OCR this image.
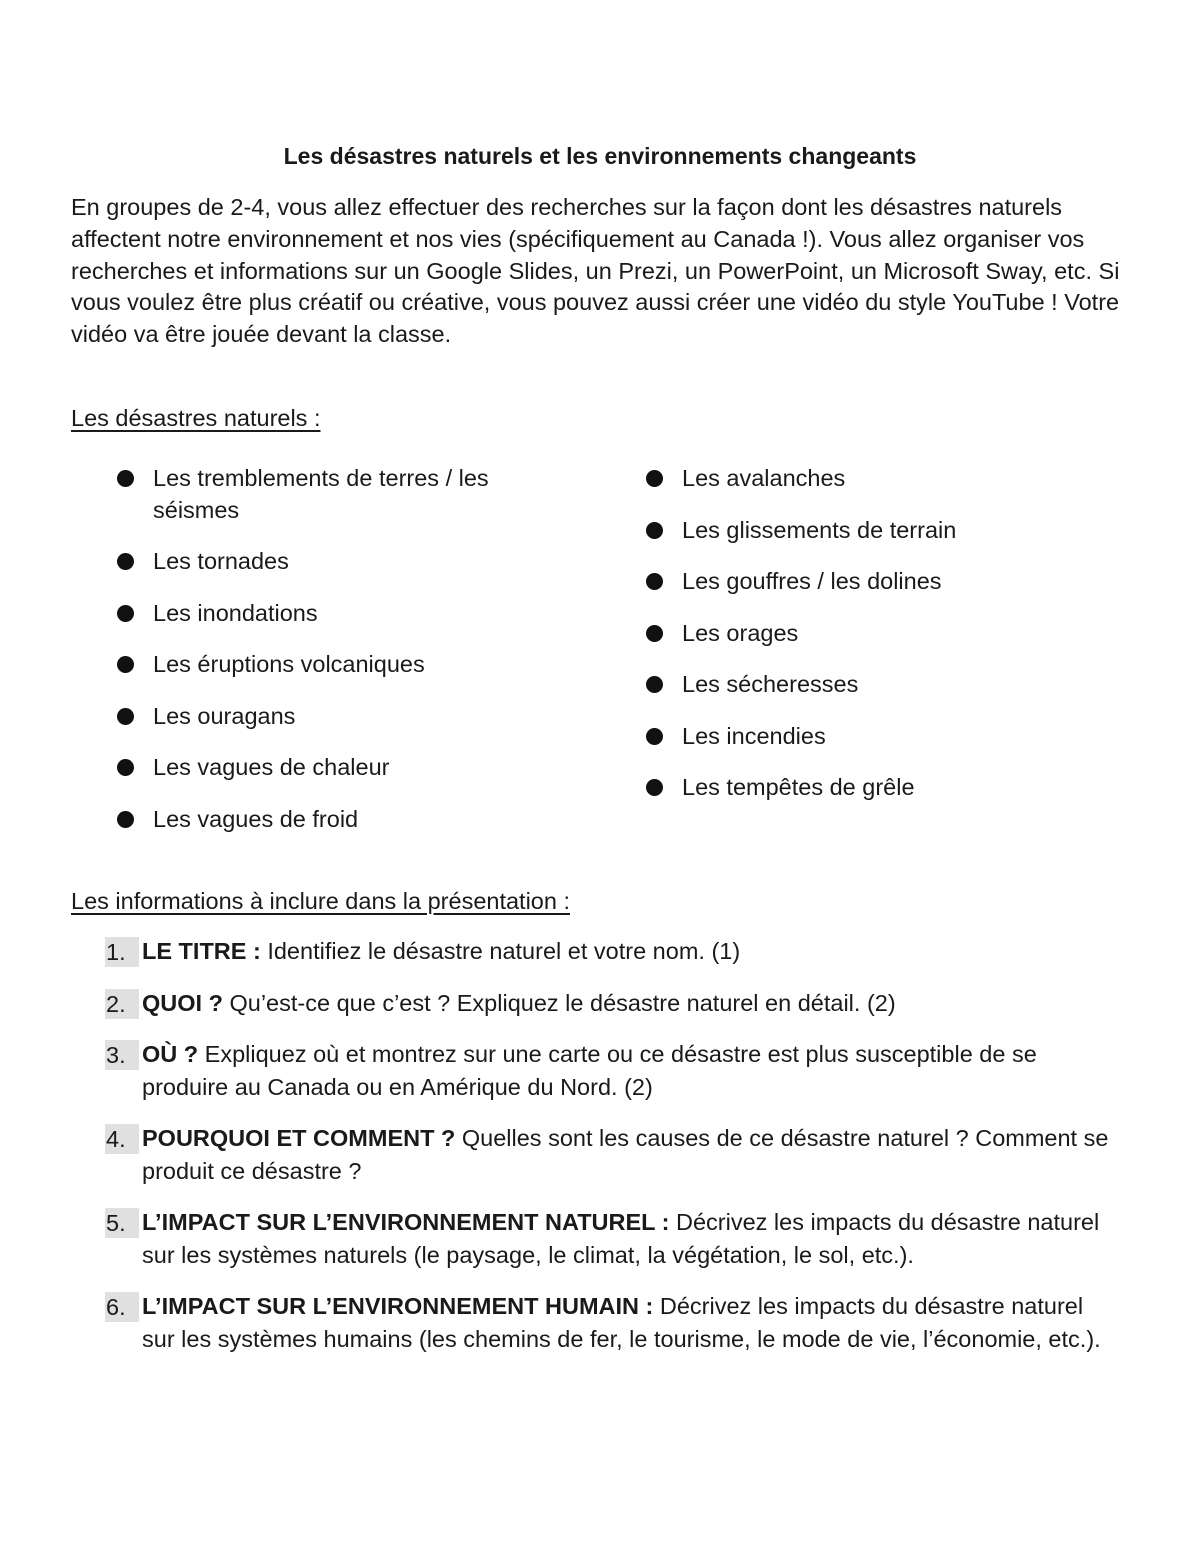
Les désastres naturels et les environnements changeants
En groupes de 2-4, vous allez effectuer des recherches sur la façon dont les désastres naturels affectent notre environnement et nos vies (spécifiquement au Canada !). Vous allez organiser vos recherches et informations sur un Google Slides, un Prezi, un PowerPoint, un Microsoft Sway, etc. Si vous voulez être plus créatif ou créative, vous pouvez aussi créer une vidéo du style YouTube ! Votre vidéo va être jouée devant la classe.
Les désastres naturels :
Les tremblements de terres / les séismes
Les tornades
Les inondations
Les éruptions volcaniques
Les ouragans
Les vagues de chaleur
Les vagues de froid
Les avalanches
Les glissements de terrain
Les gouffres / les dolines
Les orages
Les sécheresses
Les incendies
Les tempêtes de grêle
Les informations à inclure dans la présentation :
1. LE TITRE : Identifiez le désastre naturel et votre nom. (1)
2. QUOI ? Qu’est-ce que c’est ? Expliquez le désastre naturel en détail. (2)
3. OÙ ? Expliquez où et montrez sur une carte ou ce désastre est plus susceptible de se produire au Canada ou en Amérique du Nord. (2)
4. POURQUOI ET COMMENT ? Quelles sont les causes de ce désastre naturel ? Comment se produit ce désastre ?
5. L’IMPACT SUR L’ENVIRONNEMENT NATUREL : Décrivez les impacts du désastre naturel sur les systèmes naturels (le paysage, le climat, la végétation, le sol, etc.).
6. L’IMPACT SUR L’ENVIRONNEMENT HUMAIN : Décrivez les impacts du désastre naturel sur les systèmes humains (les chemins de fer, le tourisme, le mode de vie, l’économie, etc.).
